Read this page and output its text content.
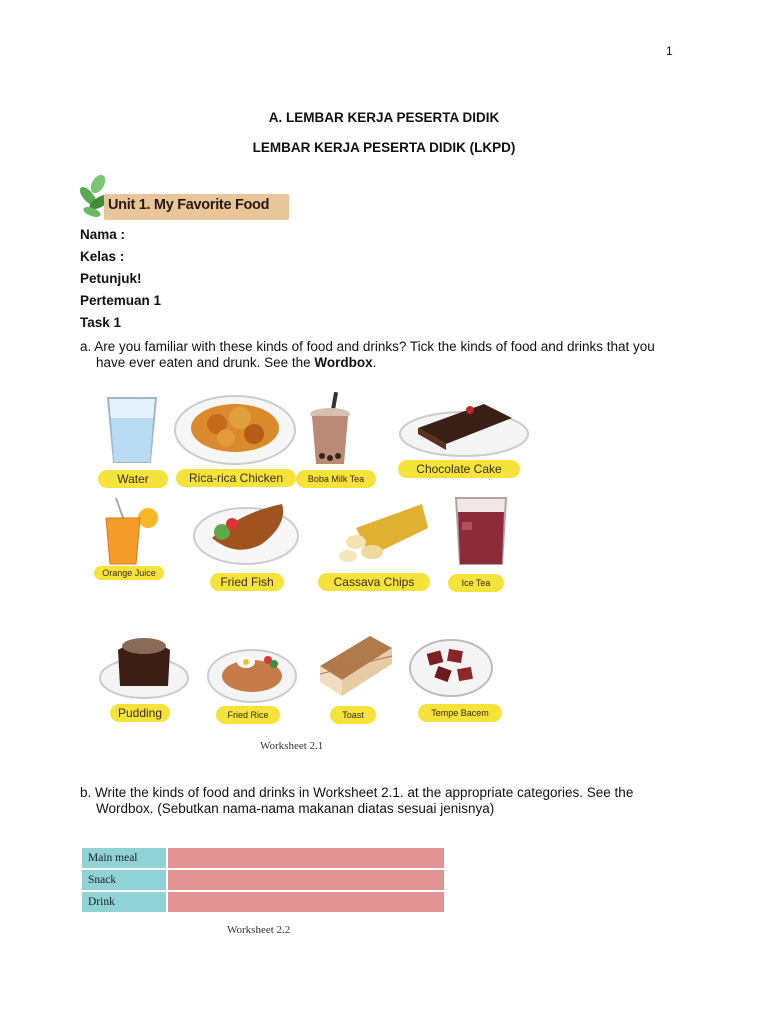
1
A. LEMBAR KERJA PESERTA DIDIK
LEMBAR KERJA PESERTA DIDIK (LKPD)
Unit 1. My Favorite Food
Nama :
Kelas :
Petunjuk!
Pertemuan 1
Task 1
a. Are you familiar with these kinds of food and drinks? Tick the kinds of food and drinks that you
have ever eaten and drunk. See the Wordbox.
Water	Rica-rica Chicken	Boba Milk Tea
Chocolate Cake
Orange Juice
Fried Fish	Cassava Chips	Ice Tea
Pudding	Fried Rice	Toast	Tempe Bacem
Worksheet 2.1
b. Write the kinds of food and drinks in Worksheet 2.1. at the appropriate categories. See the
Wordbox. (Sebutkan nama-nama makanan diatas sesuai jenisnya)
Main meal	
Snack	
Drink	
Worksheet 2.2
